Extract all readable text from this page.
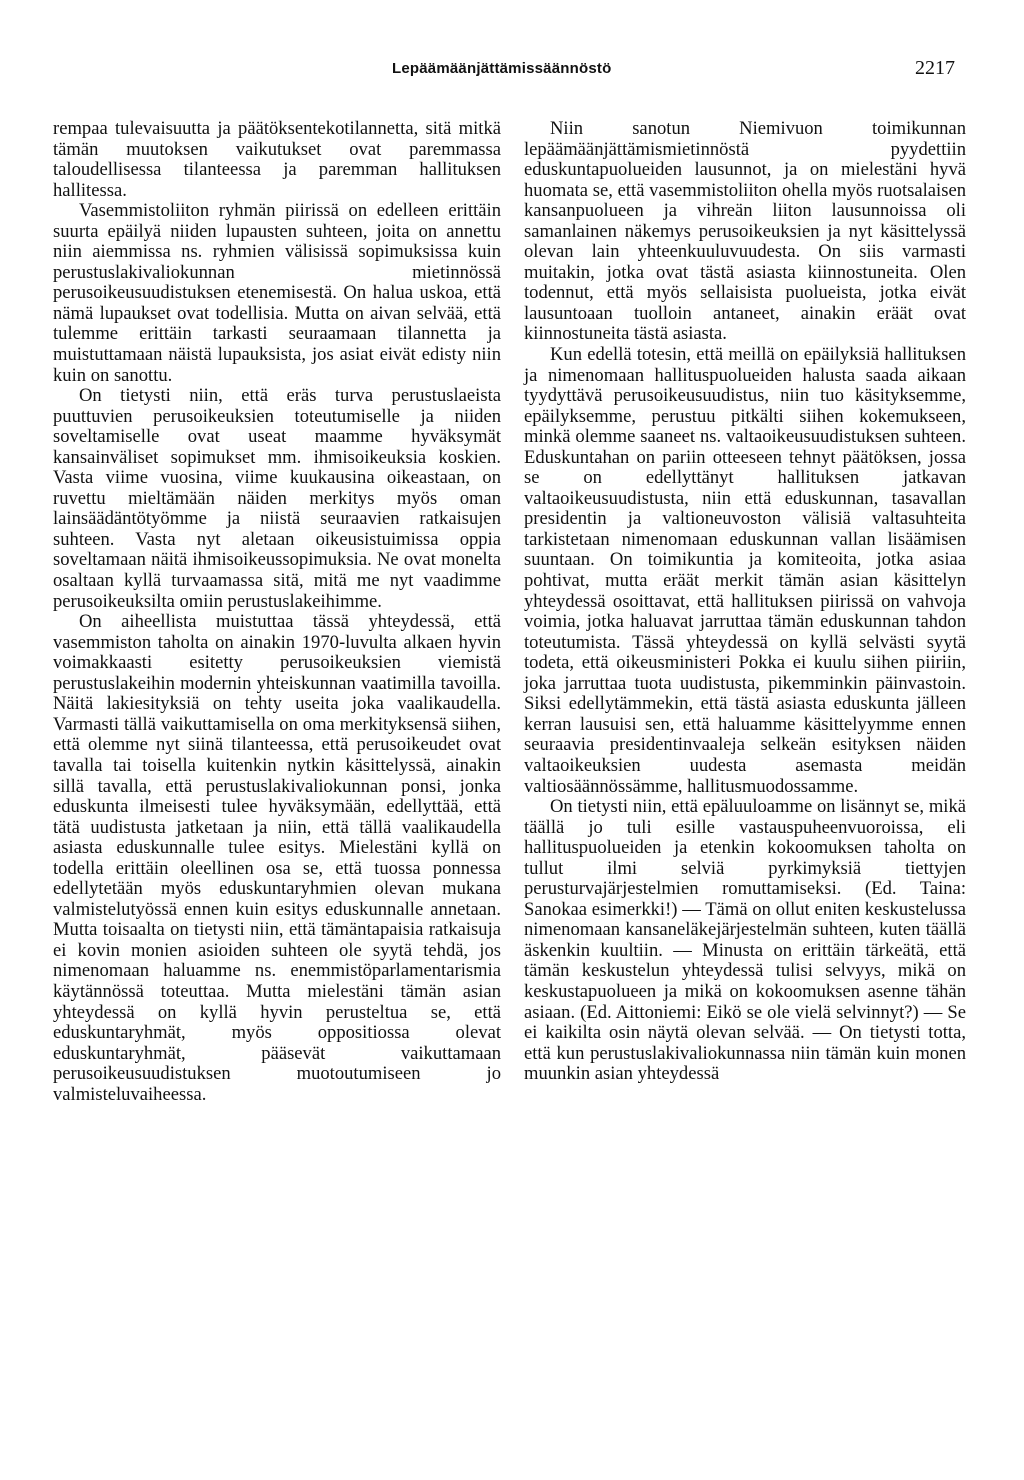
Lepäämäänjättämissäännöstö	2217

rempaa tulevaisuutta ja päätöksentekotilannetta, sitä mitkä tämän muutoksen vaikutukset ovat paremmassa taloudellisessa tilanteessa ja paremman hallituksen hallitessa.

Vasemmistoliiton ryhmän piirissä on edelleen erittäin suurta epäilyä niiden lupausten suhteen, joita on annettu niin aiemmissa ns. ryhmien välisissä sopimuksissa kuin perustuslakivaliokunnan mietinnössä perusoikeusuudistuksen etenemisestä. On halua uskoa, että nämä lupaukset ovat todellisia. Mutta on aivan selvää, että tulemme erittäin tarkasti seuraamaan tilannetta ja muistuttamaan näistä lupauksista, jos asiat eivät edisty niin kuin on sanottu.

On tietysti niin, että eräs turva perustuslaeista puuttuvien perusoikeuksien toteutumiselle ja niiden soveltamiselle ovat useat maamme hyväksymät kansainväliset sopimukset mm. ihmisoikeuksia koskien. Vasta viime vuosina, viime kuukausina oikeastaan, on ruvettu mieltämään näiden merkitys myös oman lainsäädäntötyömme ja niistä seuraavien ratkaisujen suhteen. Vasta nyt aletaan oikeusistuimissa oppia soveltamaan näitä ihmisoikeussopimuksia. Ne ovat monelta osaltaan kyllä turvaamassa sitä, mitä me nyt vaadimme perusoikeuksilta omiin perustuslakeihimme.

On aiheellista muistuttaa tässä yhteydessä, että vasemmiston taholta on ainakin 1970-luvulta alkaen hyvin voimakkaasti esitetty perusoikeuksien viemistä perustuslakeihin modernin yhteiskunnan vaatimilla tavoilla. Näitä lakiesityksiä on tehty useita joka vaalikaudella. Varmasti tällä vaikuttamisella on oma merkityksensä siihen, että olemme nyt siinä tilanteessa, että perusoikeudet ovat tavalla tai toisella kuitenkin nytkin käsittelyssä, ainakin sillä tavalla, että perustuslakivaliokunnan ponsi, jonka eduskunta ilmeisesti tulee hyväksymään, edellyttää, että tätä uudistusta jatketaan ja niin, että tällä vaalikaudella asiasta eduskunnalle tulee esitys. Mielestäni kyllä on todella erittäin oleellinen osa se, että tuossa ponnessa edellytetään myös eduskuntaryhmien olevan mukana valmistelutyössä ennen kuin esitys eduskunnalle annetaan. Mutta toisaalta on tietysti niin, että tämäntapaisia ratkaisuja ei kovin monien asioiden suhteen ole syytä tehdä, jos nimenomaan haluamme ns. enemmistöparlamentarismia käytännössä toteuttaa. Mutta mielestäni tämän asian yhteydessä on kyllä hyvin perusteltua se, että eduskuntaryhmät, myös oppositiossa olevat eduskuntaryhmät, pääsevät vaikuttamaan perusoikeusuudistuksen muotoutumiseen jo valmisteluvaiheessa.

Niin sanotun Niemivuon toimikunnan lepäämäänjättämismietinnöstä pyydettiin eduskuntapuolueiden lausunnot, ja on mielestäni hyvä huomata se, että vasemmistoliiton ohella myös ruotsalaisen kansanpuolueen ja vihreän liiton lausunnoissa oli samanlainen näkemys perusoikeuksien ja nyt käsittelyssä olevan lain yhteenkuuluvuudesta. On siis varmasti muitakin, jotka ovat tästä asiasta kiinnostuneita. Olen todennut, että myös sellaisista puolueista, jotka eivät lausuntoaan tuolloin antaneet, ainakin eräät ovat kiinnostuneita tästä asiasta.

Kun edellä totesin, että meillä on epäilyksiä hallituksen ja nimenomaan hallituspuolueiden halusta saada aikaan tyydyttävä perusoikeusuudistus, niin tuo käsityksemme, epäilyksemme, perustuu pitkälti siihen kokemukseen, minkä olemme saaneet ns. valtaoikeusuudistuksen suhteen. Eduskuntahan on pariin otteeseen tehnyt päätöksen, jossa se on edellyttänyt hallituksen jatkavan valtaoikeusuudistusta, niin että eduskunnan, tasavallan presidentin ja valtioneuvoston välisiä valtasuhteita tarkistetaan nimenomaan eduskunnan vallan lisäämisen suuntaan. On toimikuntia ja komiteoita, jotka asiaa pohtivat, mutta eräät merkit tämän asian käsittelyn yhteydessä osoittavat, että hallituksen piirissä on vahvoja voimia, jotka haluavat jarruttaa tämän eduskunnan tahdon toteutumista. Tässä yhteydessä on kyllä selvästi syytä todeta, että oikeusministeri Pokka ei kuulu siihen piiriin, joka jarruttaa tuota uudistusta, pikemminkin päinvastoin. Siksi edellytämmekin, että tästä asiasta eduskunta jälleen kerran lausuisi sen, että haluamme käsittelyymme ennen seuraavia presidentinvaaleja selkeän esityksen näiden valtaoikeuksien uudesta asemasta meidän valtiosäännössämme, hallitusmuodossamme.

On tietysti niin, että epäluuloamme on lisännyt se, mikä täällä jo tuli esille vastauspuheenvuoroissa, eli hallituspuolueiden ja etenkin kokoomuksen taholta on tullut ilmi selviä pyrkimyksiä tiettyjen perusturvajärjestelmien romuttamiseksi. (Ed. Taina: Sanokaa esimerkki!) — Tämä on ollut eniten keskustelussa nimenomaan kansaneläkejärjestelmän suhteen, kuten täällä äskenkin kuultiin. — Minusta on erittäin tärkeätä, että tämän keskustelun yhteydessä tulisi selvyys, mikä on keskustapuolueen ja mikä on kokoomuksen asenne tähän asiaan. (Ed. Aittoniemi: Eikö se ole vielä selvinnyt?) — Se ei kaikilta osin näytä olevan selvää. — On tietysti totta, että kun perustuslakivaliokunnassa niin tämän kuin monen muunkin asian yhteydessä
